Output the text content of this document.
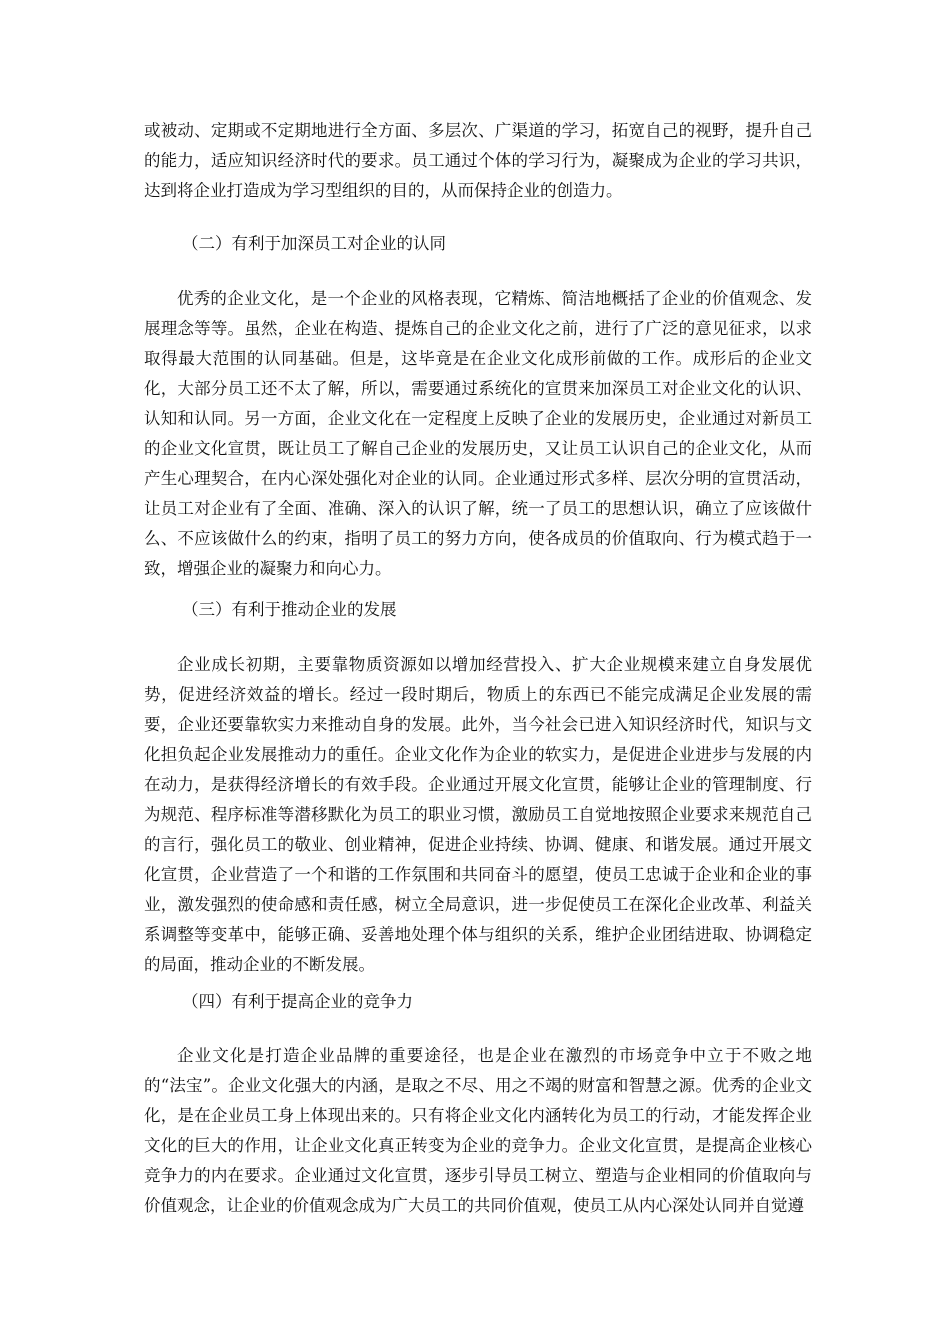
或被动、定期或不定期地进行全方面、多层次、广渠道的学习，拓宽自己的视野，提升自己的能力，适应知识经济时代的要求。员工通过个体的学习行为，凝聚成为企业的学习共识，达到将企业打造成为学习型组织的目的，从而保持企业的创造力。

（二）有利于加深员工对企业的认同

优秀的企业文化，是一个企业的风格表现，它精炼、简洁地概括了企业的价值观念、发展理念等等。虽然，企业在构造、提炼自己的企业文化之前，进行了广泛的意见征求，以求取得最大范围的认同基础。但是，这毕竟是在企业文化成形前做的工作。成形后的企业文化，大部分员工还不太了解，所以，需要通过系统化的宣贯来加深员工对企业文化的认识、认知和认同。另一方面，企业文化在一定程度上反映了企业的发展历史，企业通过对新员工的企业文化宣贯，既让员工了解自己企业的发展历史，又让员工认识自己的企业文化，从而产生心理契合，在内心深处强化对企业的认同。企业通过形式多样、层次分明的宣贯活动，让员工对企业有了全面、准确、深入的认识了解，统一了员工的思想认识，确立了应该做什么、不应该做什么的约束，指明了员工的努力方向，使各成员的价值取向、行为模式趋于一致，增强企业的凝聚力和向心力。

（三）有利于推动企业的发展

企业成长初期，主要靠物质资源如以增加经营投入、扩大企业规模来建立自身发展优势，促进经济效益的增长。经过一段时期后，物质上的东西已不能完成满足企业发展的需要，企业还要靠软实力来推动自身的发展。此外，当今社会已进入知识经济时代，知识与文化担负起企业发展推动力的重任。企业文化作为企业的软实力，是促进企业进步与发展的内在动力，是获得经济增长的有效手段。企业通过开展文化宣贯，能够让企业的管理制度、行为规范、程序标准等潜移默化为员工的职业习惯，激励员工自觉地按照企业要求来规范自己的言行，强化员工的敬业、创业精神，促进企业持续、协调、健康、和谐发展。通过开展文化宣贯，企业营造了一个和谐的工作氛围和共同奋斗的愿望，使员工忠诚于企业和企业的事业，激发强烈的使命感和责任感，树立全局意识，进一步促使员工在深化企业改革、利益关系调整等变革中，能够正确、妥善地处理个体与组织的关系，维护企业团结进取、协调稳定的局面，推动企业的不断发展。

（四）有利于提高企业的竞争力

企业文化是打造企业品牌的重要途径，也是企业在激烈的市场竞争中立于不败之地的“法宝”。企业文化强大的内涵，是取之不尽、用之不竭的财富和智慧之源。优秀的企业文化，是在企业员工身上体现出来的。只有将企业文化内涵转化为员工的行动，才能发挥企业文化的巨大的作用，让企业文化真正转变为企业的竞争力。企业文化宣贯，是提高企业核心竞争力的内在要求。企业通过文化宣贯，逐步引导员工树立、塑造与企业相同的价值取向与价值观念，让企业的价值观念成为广大员工的共同价值观，使员工从内心深处认同并自觉遵
